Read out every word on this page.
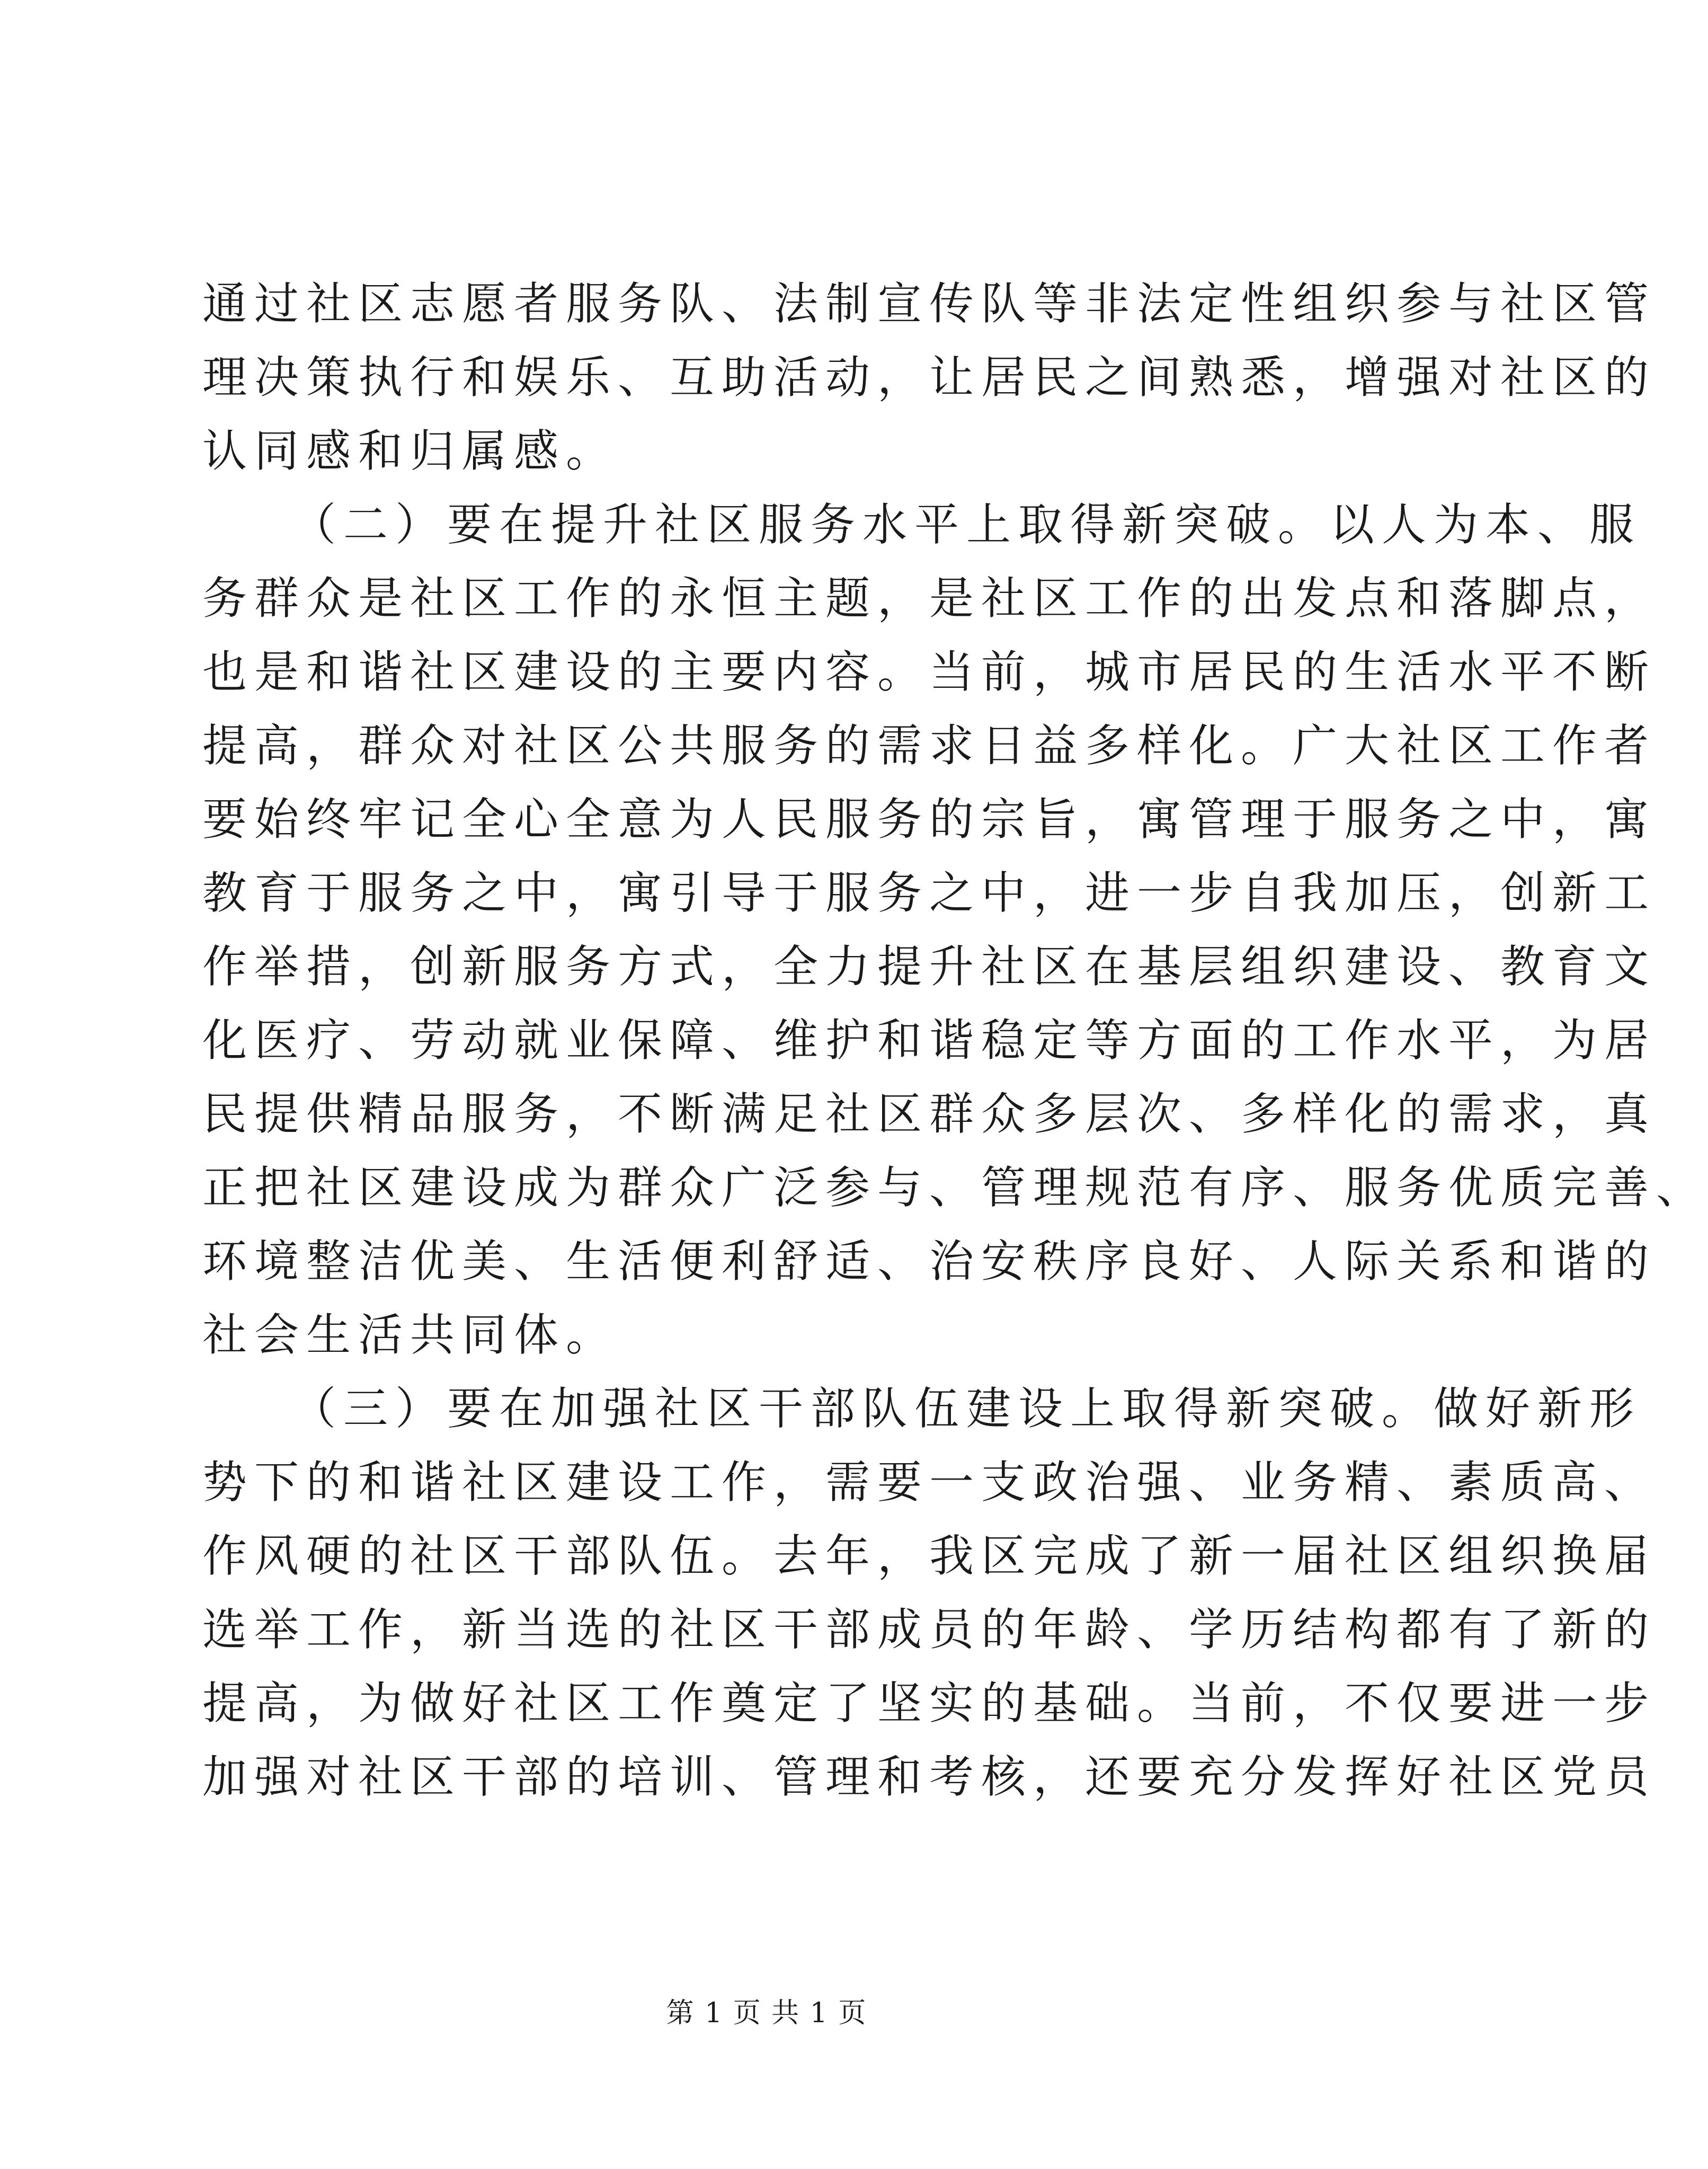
通过社区志愿者服务队、法制宣传队等非法定性组织参与社区管
理决策执行和娱乐、互助活动，让居民之间熟悉，增强对社区的
认同感和归属感。

（二）要在提升社区服务水平上取得新突破。以人为本、服
务群众是社区工作的永恒主题，是社区工作的出发点和落脚点，
也是和谐社区建设的主要内容。当前，城市居民的生活水平不断
提高，群众对社区公共服务的需求日益多样化。广大社区工作者
要始终牢记全心全意为人民服务的宗旨，寓管理于服务之中，寓
教育于服务之中，寓引导于服务之中，进一步自我加压，创新工
作举措，创新服务方式，全力提升社区在基层组织建设、教育文
化医疗、劳动就业保障、维护和谐稳定等方面的工作水平，为居
民提供精品服务，不断满足社区群众多层次、多样化的需求，真
正把社区建设成为群众广泛参与、管理规范有序、服务优质完善、
环境整洁优美、生活便利舒适、治安秩序良好、人际关系和谐的
社会生活共同体。

（三）要在加强社区干部队伍建设上取得新突破。做好新形
势下的和谐社区建设工作，需要一支政治强、业务精、素质高、
作风硬的社区干部队伍。去年，我区完成了新一届社区组织换届
选举工作，新当选的社区干部成员的年龄、学历结构都有了新的
提高，为做好社区工作奠定了坚实的基础。当前，不仅要进一步
加强对社区干部的培训、管理和考核，还要充分发挥好社区党员

第 1 页 共 1 页
